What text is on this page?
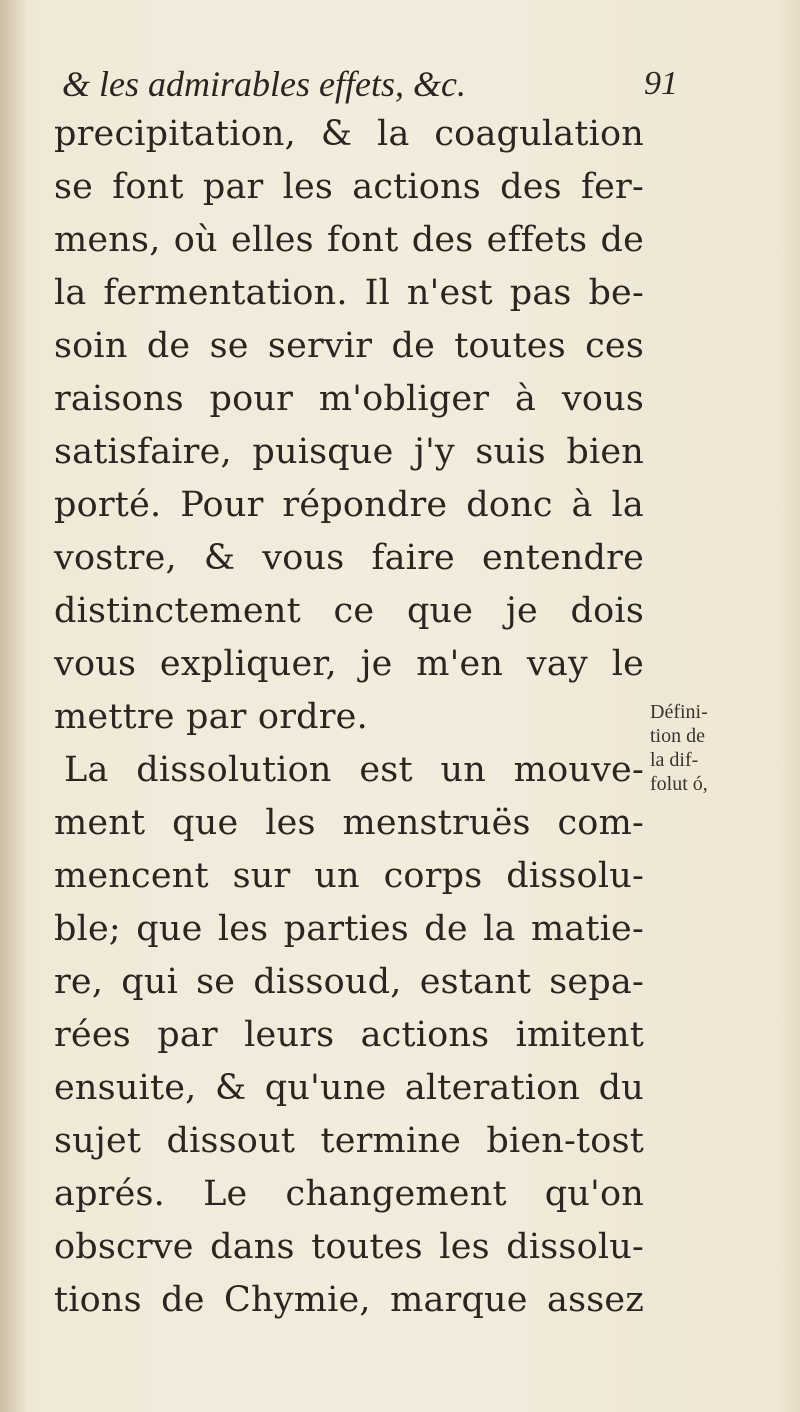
& les admirables effets, &c.	91
precipitation, & la coagulation
se font par les actions des fer-
mens, où elles font des effets de
la fermentation. Il n'est pas be-
soin de se servir de toutes ces
raisons pour m'obliger à vous
satisfaire, puisque j'y suis bien
porté. Pour répondre donc à la
vostre, & vous faire entendre
distinctement ce que je dois
vous expliquer, je m'en vay le
mettre par ordre.
La dissolution est un mouve-
ment que les menstruës com-
mencent sur un corps dissolu-
ble; que les parties de la matie-
re, qui se dissoud, estant sepa-
rées par leurs actions imitent
ensuite, & qu'une alteration du
sujet dissout termine bien-tost
aprés. Le changement qu'on
obscrve dans toutes les dissolu-
tions de Chymie, marque assez
Défini-
tion de
la dif-
folut ó,
